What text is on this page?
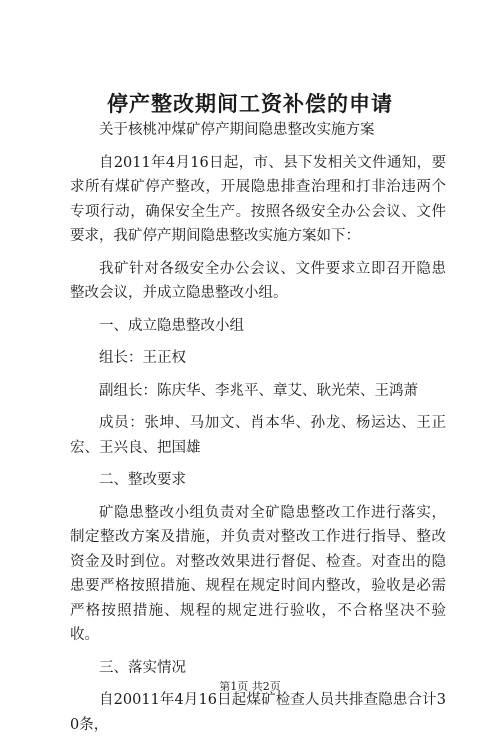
停产整改期间工资补偿的申请

关于核桃冲煤矿停产期间隐患整改实施方案

自2011年4月16日起，市、县下发相关文件通知，要求所有煤矿停产整改，开展隐患排查治理和打非治违两个专项行动，确保安全生产。按照各级安全办公会议、文件要求，我矿停产期间隐患整改实施方案如下：

我矿针对各级安全办公会议、文件要求立即召开隐患整改会议，并成立隐患整改小组。

一、成立隐患整改小组

组长：王正权

副组长：陈庆华、李兆平、章艾、耿光荣、王鸿萧

成员：张坤、马加文、肖本华、孙龙、杨运达、王正宏、王兴良、把国雄

二、整改要求

矿隐患整改小组负责对全矿隐患整改工作进行落实，制定整改方案及措施，并负责对整改工作进行指导、整改资金及时到位。对整改效果进行督促、检查。对查出的隐患要严格按照措施、规程在规定时间内整改，验收是必需严格按照措施、规程的规定进行验收，不合格坚决不验收。

三、落实情况

自20011年4月16日起煤矿检查人员共排查隐患合计30条，

第1页 共2页
